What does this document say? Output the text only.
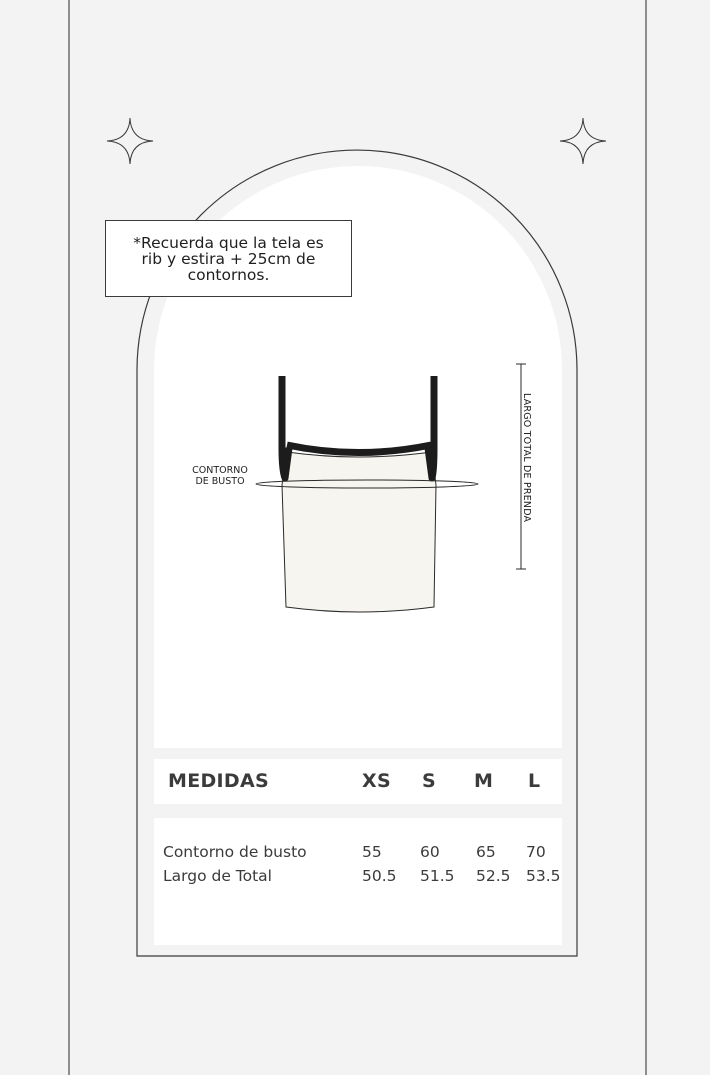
*Recuerda que la tela es
rib y estira + 25cm de
contornos.
CONTORNO
DE BUSTO	LARGO TOTAL DE PRENDA
MEDIDAS	XS S M L
Contorno de busto	55 60 65 70
Largo de Total	50.5 51.5 52.5 53.5
